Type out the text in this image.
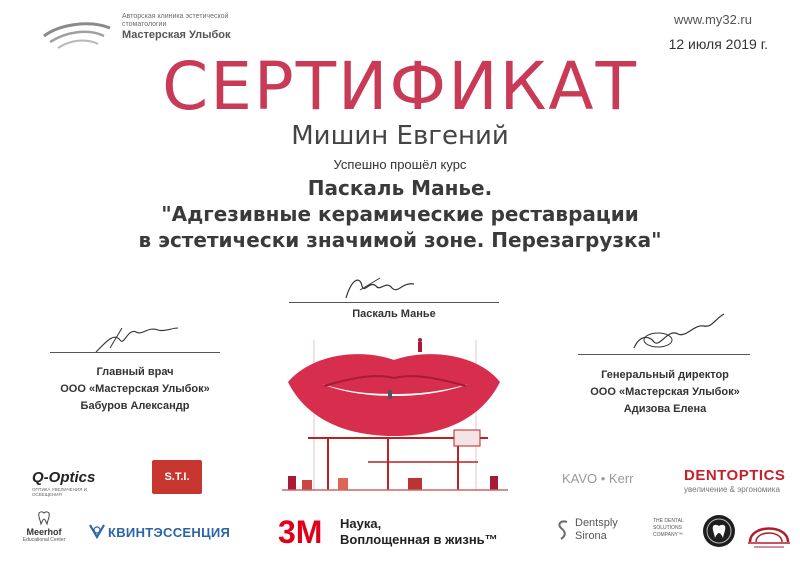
Авторская клиника эстетической стоматологии
Мастерская Улыбок
www.my32.ru
12 июля 2019 г.
СЕРТИФИКАТ
Мишин Евгений
Успешно прошёл курс
Паскаль Манье.
"Адгезивные керамические реставрации
в эстетически значимой зоне. Перезагрузка"
Паскаль Манье
Главный врач
ООО «Мастерская Улыбок»
Бабуров Александр
Генеральный директор
ООО «Мастерская Улыбок»
Адизова Елена
Q-Optics
ОПТИКА УВЕЛИЧЕНИЯ И ОСВЕЩЕНИЯ
S.T.I.
Meerhof
Educational Center	КВИНТЭССЕНЦИЯ 3M Наука,
Воплощенная в жизнь™
KAVO • Kerr	DENTOPTICS
увеличение & эргономика
Dentsply
Sirona
THE DENTAL
SOLUTIONS
COMPANY™
